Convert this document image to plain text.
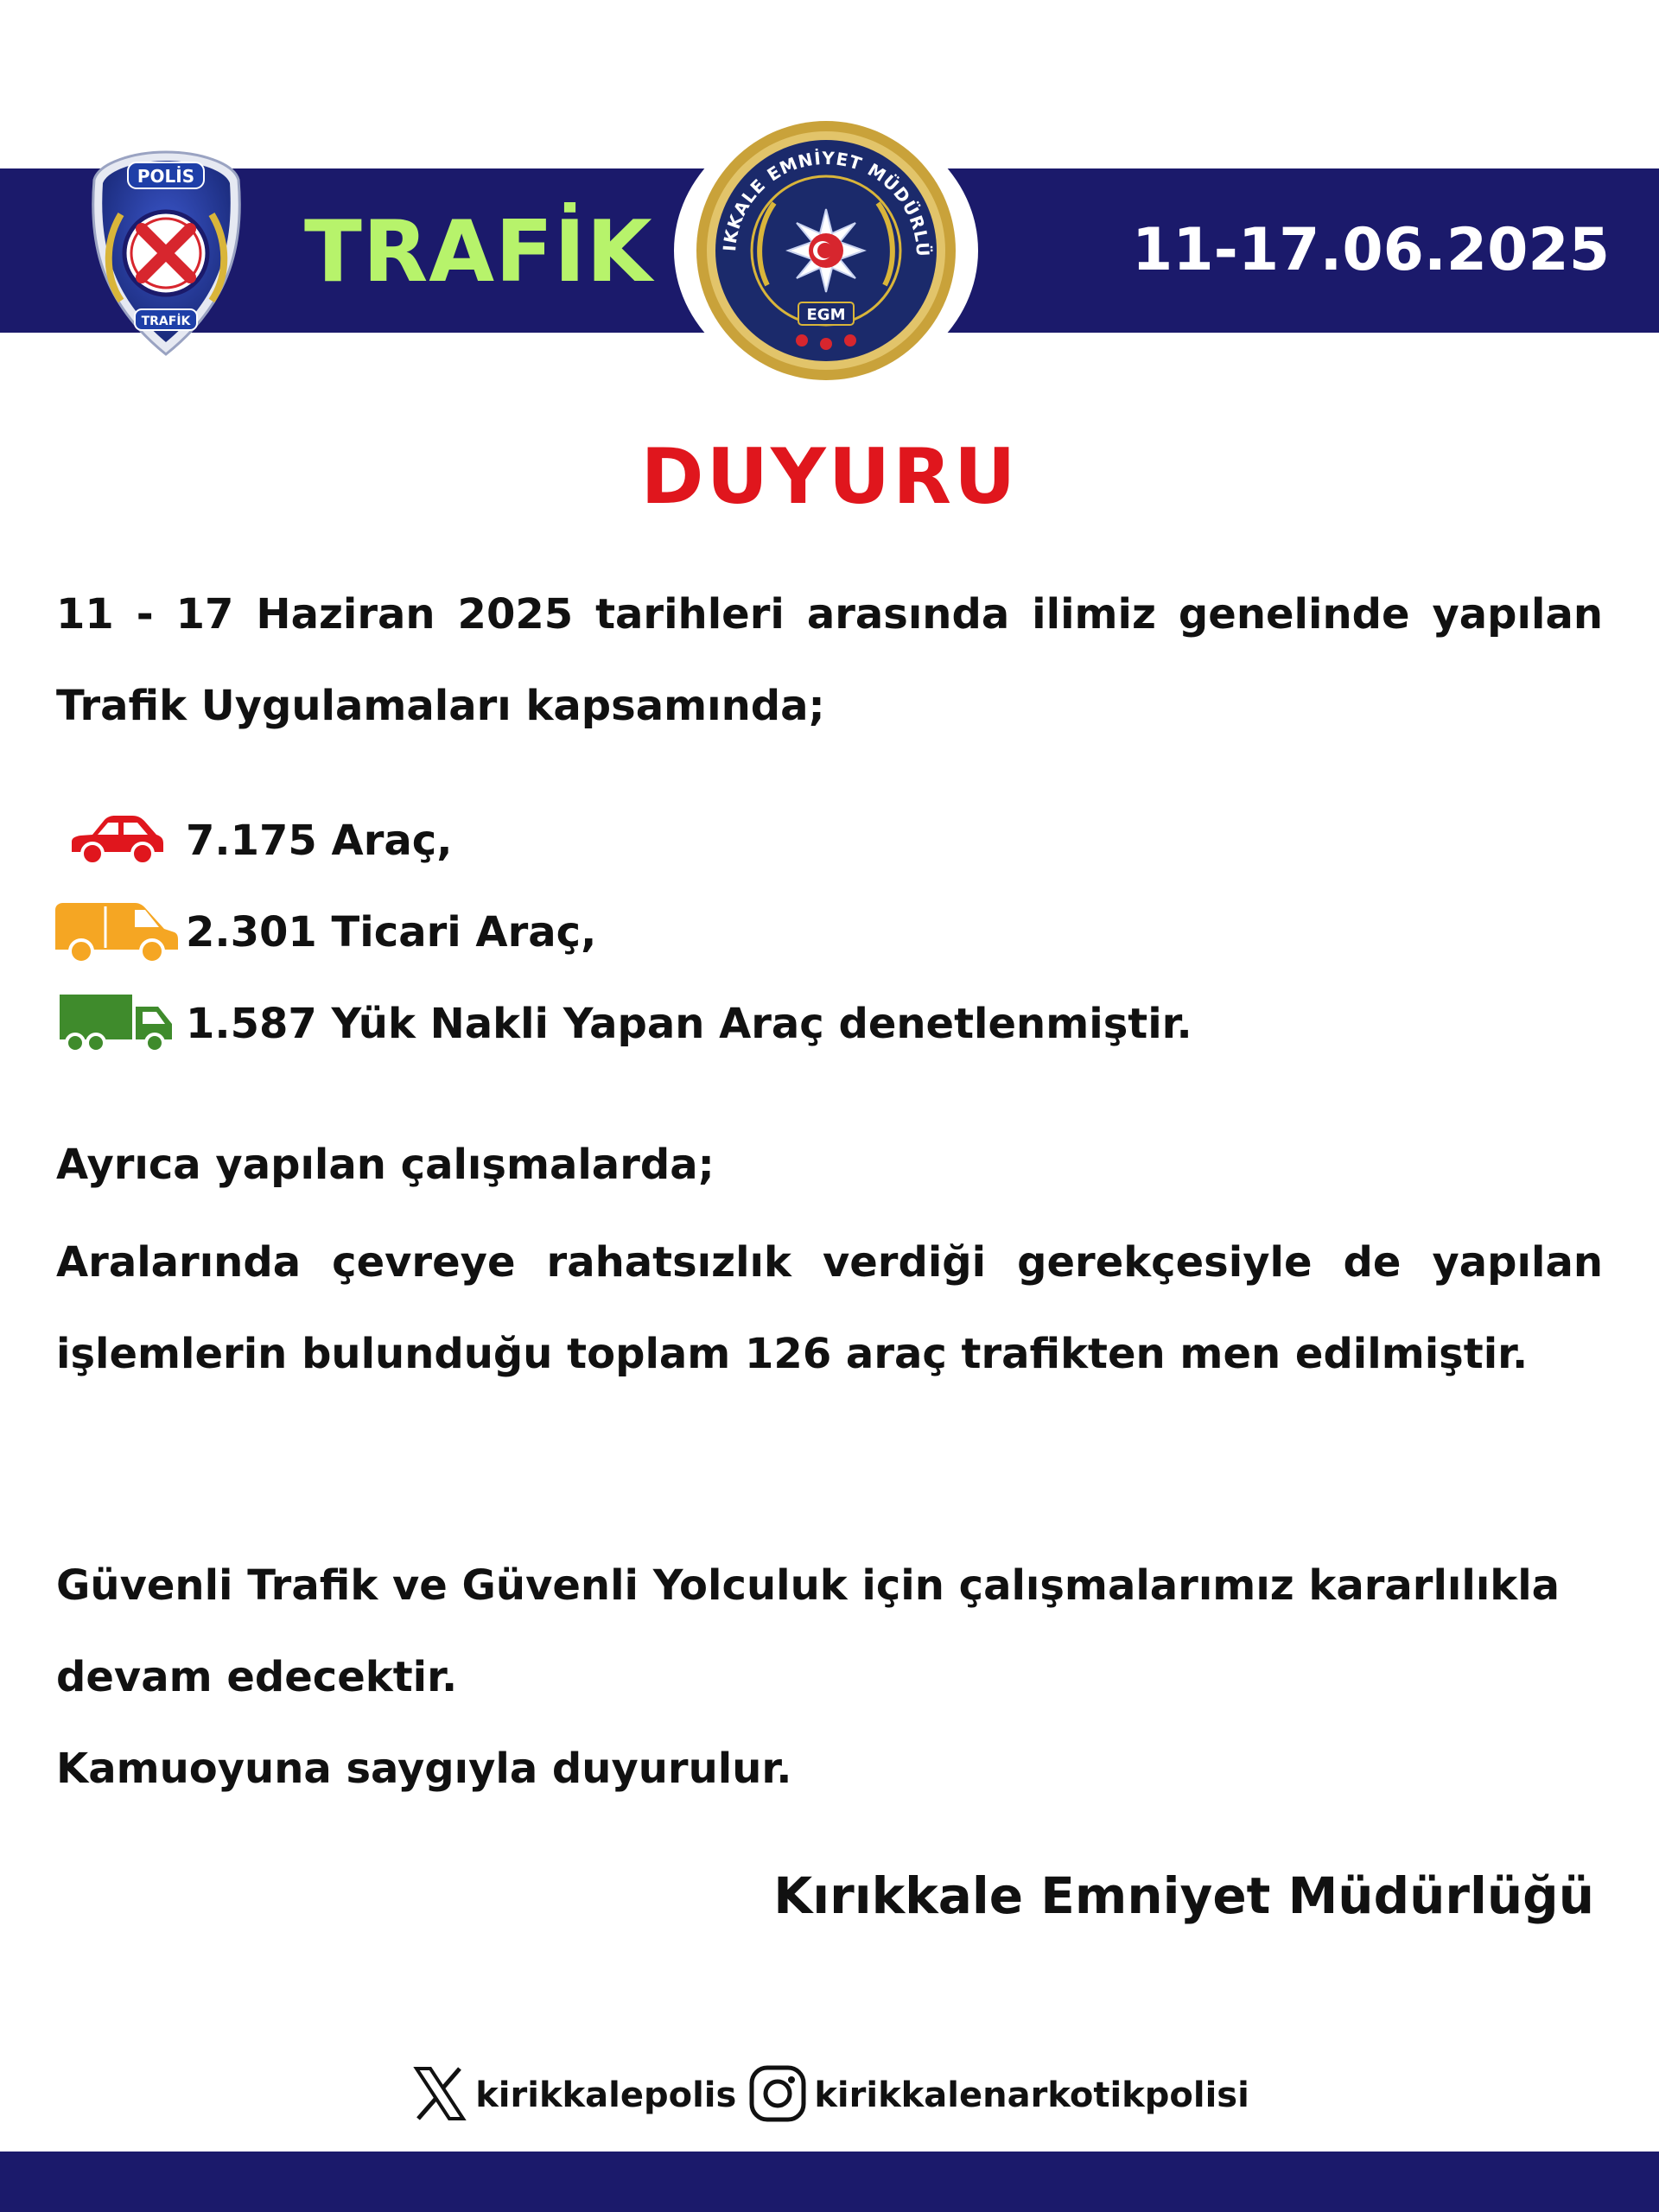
POLİS
TRAFİK
TRAFİK	IKKALE EMNİYET MÜDÜRLÜ
EGM
11-17.06.2025
DUYURU
11 - 17 Haziran 2025 tarihleri arasında ilimiz genelinde yapılan Trafik Uygulamaları kapsamında;
7.175 Araç,
2.301 Ticari Araç,
1.587 Yük Nakli Yapan Araç denetlenmiştir.
Ayrıca yapılan çalışmalarda;
Aralarında çevreye rahatsızlık verdiği gerekçesiyle de yapılan işlemlerin bulunduğu toplam 126 araç trafikten men edilmiştir.
Güvenli Trafik ve Güvenli Yolculuk için çalışmalarımız kararlılıkla devam edecektir.
Kamuoyuna saygıyla duyurulur.
Kırıkkale Emniyet Müdürlüğü
kirikkalepolis kirikkalenarkotikpolisi
